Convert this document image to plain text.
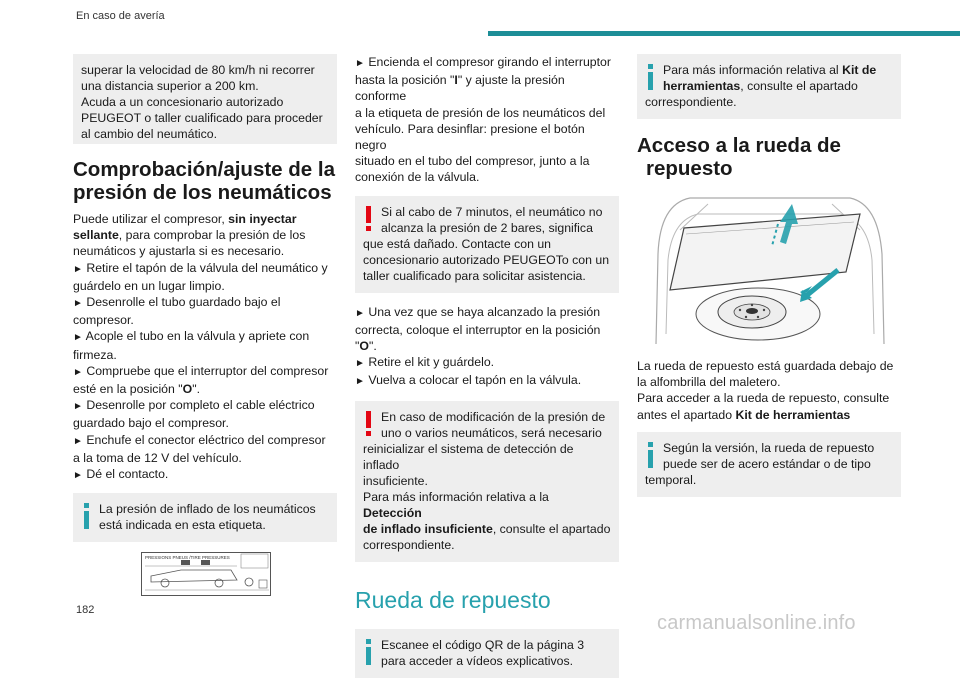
En caso de avería
superar la velocidad de 80 km/h ni recorrer
una distancia superior a 200 km.
Acuda a un concesionario autorizado
PEUGEOT o taller cualificado para proceder
al cambio del neumático.
Comprobación/ajuste de la
presión de los neumáticos
Puede utilizar el compresor, sin inyectar
sellante, para comprobar la presión de los
neumáticos y ajustarla si es necesario.
► Retire el tapón de la válvula del neumático y
guárdelo en un lugar limpio.
► Desenrolle el tubo guardado bajo el
compresor.
► Acople el tubo en la válvula y apriete con
firmeza.
► Compruebe que el interruptor del compresor
esté en la posición "O".
► Desenrolle por completo el cable eléctrico
guardado bajo el compresor.
► Enchufe el conector eléctrico del compresor
a la toma de 12 V del vehículo.
► Dé el contacto.
La presión de inflado de los neumáticos
está indicada en esta etiqueta.
PRESSIONS PNEUS /TIRE PRESSURES
► Encienda el compresor girando el interruptor
hasta la posición "I" y ajuste la presión conforme
a la etiqueta de presión de los neumáticos del
vehículo. Para desinflar: presione el botón negro
situado en el tubo del compresor, junto a la
conexión de la válvula.
Si al cabo de 7 minutos, el neumático no
alcanza la presión de 2 bares, significa
que está dañado. Contacte con un
concesionario autorizado PEUGEOTo con un
taller cualificado para solicitar asistencia.
► Una vez que se haya alcanzado la presión
correcta, coloque el interruptor en la posición
"O".
► Retire el kit y guárdelo.
► Vuelva a colocar el tapón en la válvula.
En caso de modificación de la presión de
uno o varios neumáticos, será necesario
reinicializar el sistema de detección de inflado
insuficiente.
Para más información relativa a la Detección
de inflado insuficiente, consulte el apartado
correspondiente.
Rueda de repuesto
Escanee el código QR de la página 3
para acceder a vídeos explicativos.
Para más información relativa al Kit de
herramientas, consulte el apartado
correspondiente.
Acceso a la rueda de
repuesto
La rueda de repuesto está guardada debajo de
la alfombrilla del maletero.
Para acceder a la rueda de repuesto, consulte
antes el apartado Kit de herramientas
Según la versión, la rueda de repuesto
puede ser de acero estándar o de tipo
temporal.
182
carmanualsonline.info
